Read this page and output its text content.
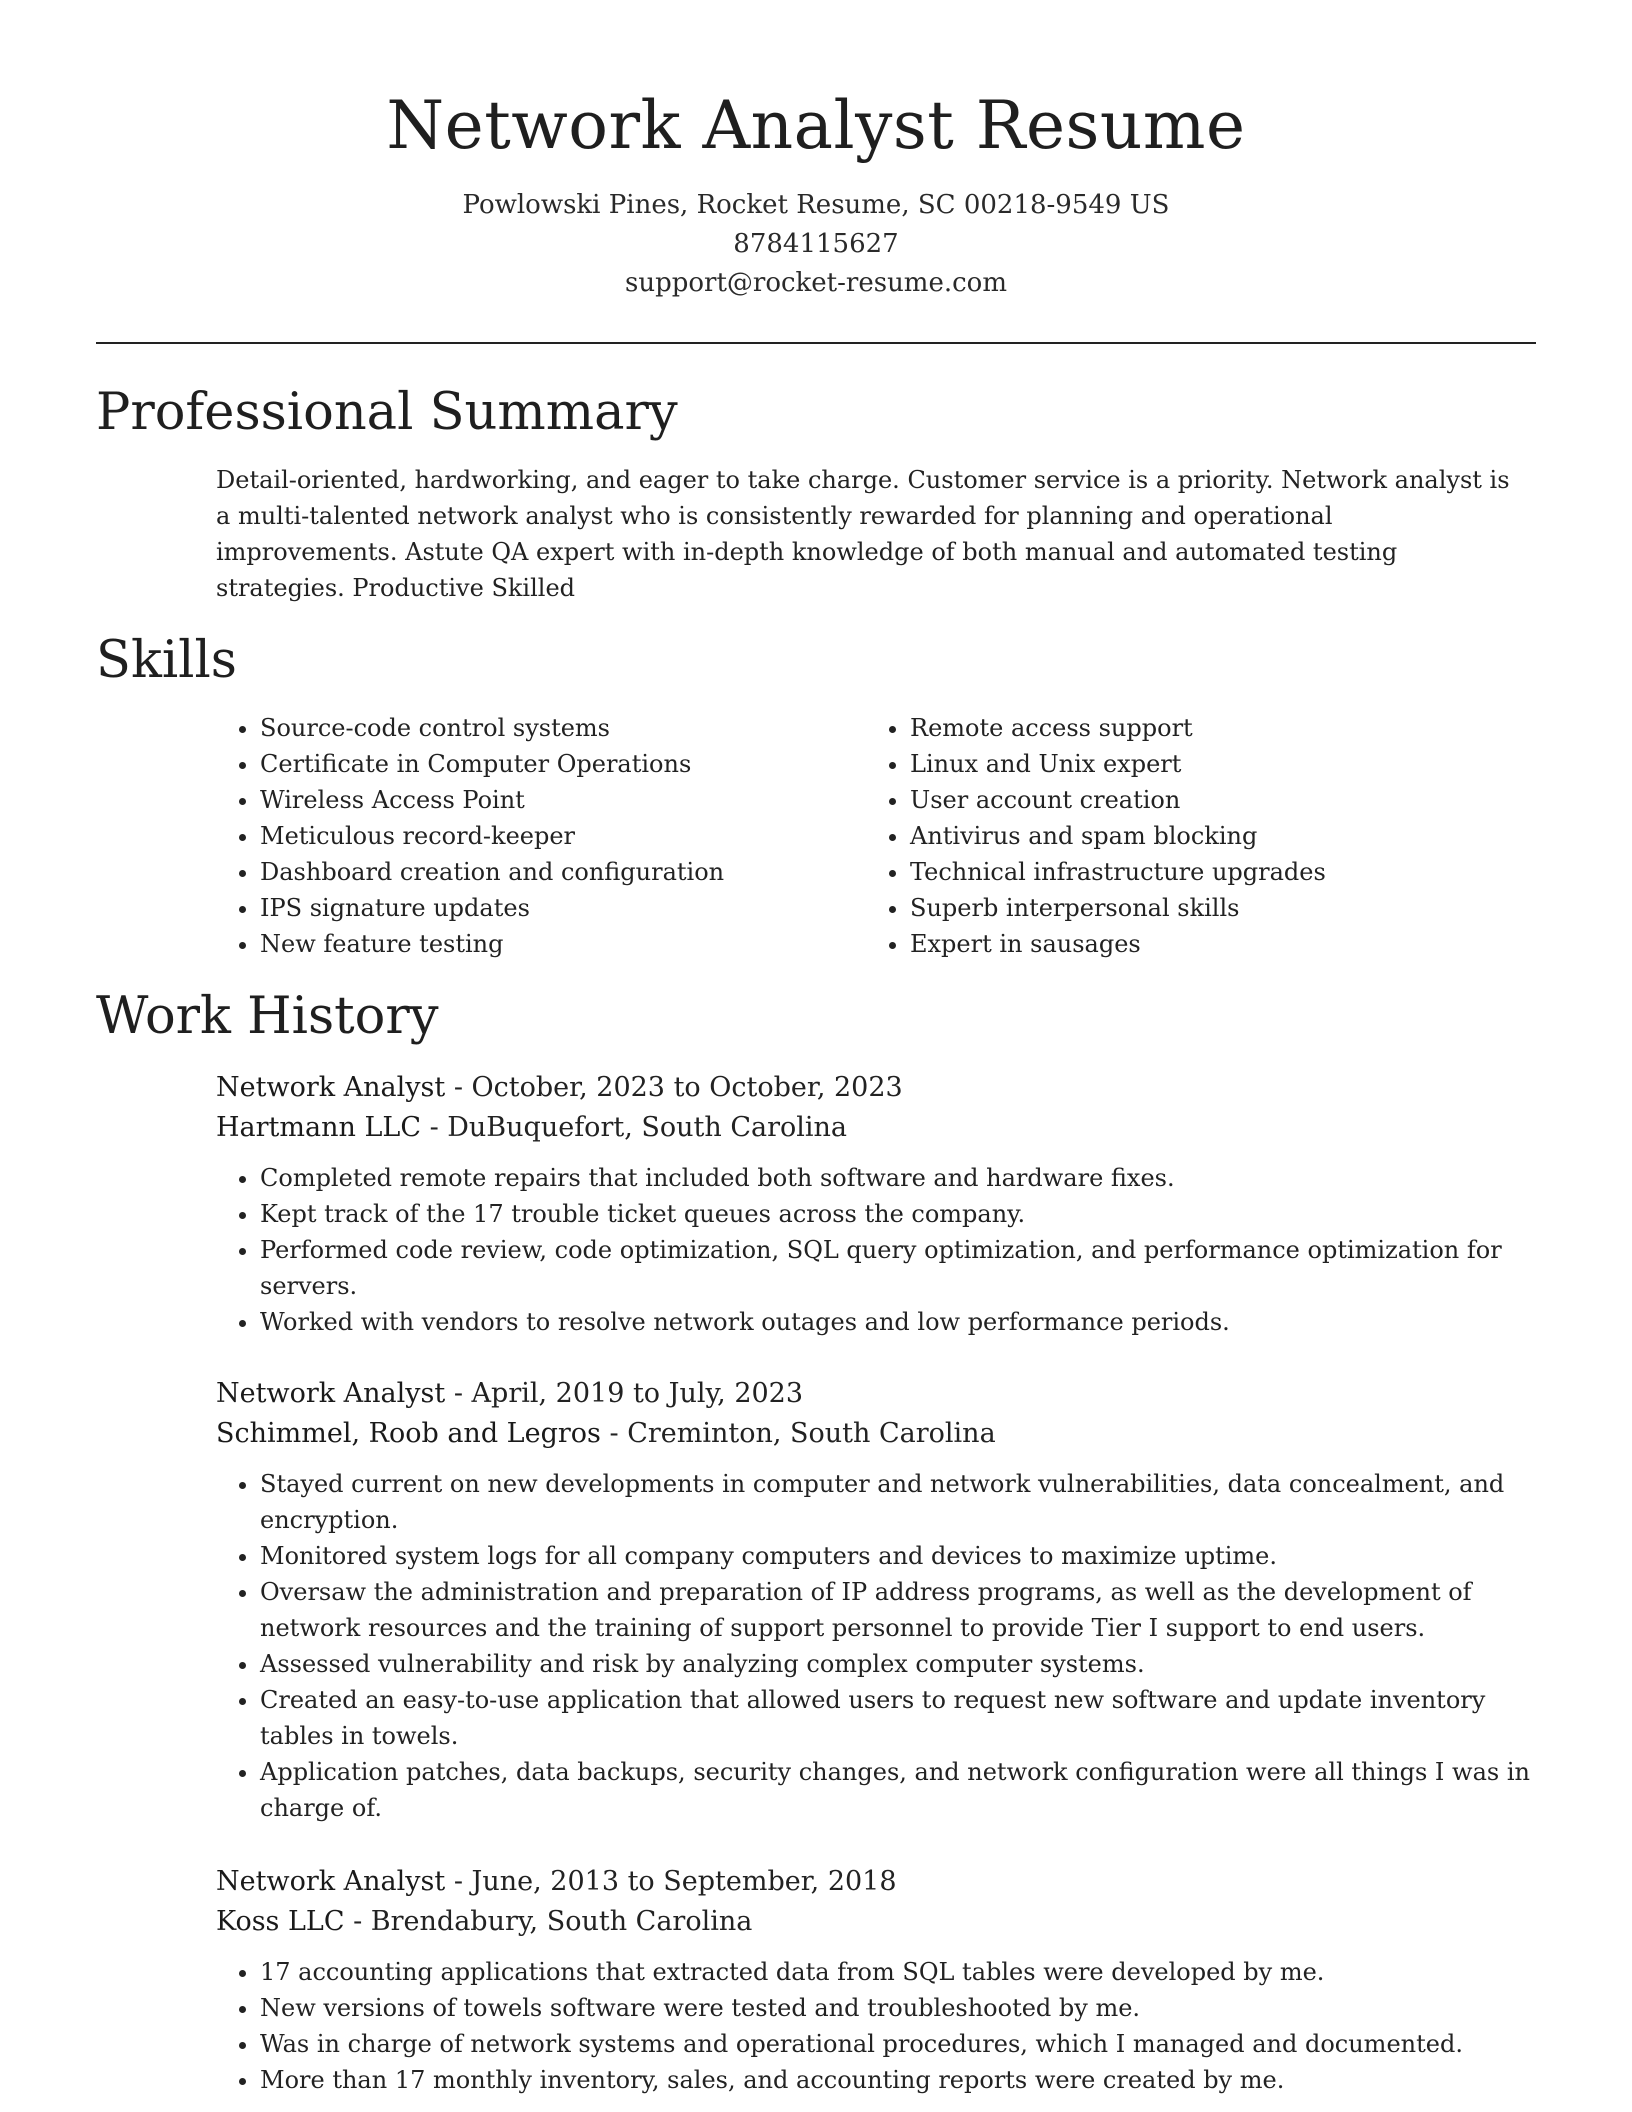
Network Analyst Resume
Powlowski Pines, Rocket Resume, SC 00218-9549 US
8784115627
support@rocket-resume.com
Professional Summary

Detail-oriented, hardworking, and eager to take charge. Customer service is a priority. Network analyst is a multi-talented network analyst who is consistently rewarded for planning and operational improvements. Astute QA expert with in-depth knowledge of both manual and automated testing strategies. Productive Skilled

Skills
• Source-code control systems
• Certificate in Computer Operations
• Wireless Access Point
• Meticulous record-keeper
• Dashboard creation and configuration
• IPS signature updates
• New feature testing
• Remote access support
• Linux and Unix expert
• User account creation
• Antivirus and spam blocking
• Technical infrastructure upgrades
• Superb interpersonal skills
• Expert in sausages
Work History

Network Analyst - October, 2023 to October, 2023

Hartmann LLC - DuBuquefort, South Carolina

• Completed remote repairs that included both software and hardware fixes.
• Kept track of the 17 trouble ticket queues across the company.
• Performed code review, code optimization, SQL query optimization, and performance optimization for servers.
• Worked with vendors to resolve network outages and low performance periods.

Network Analyst - April, 2019 to July, 2023

Schimmel, Roob and Legros - Creminton, South Carolina

• Stayed current on new developments in computer and network vulnerabilities, data concealment, and encryption.
• Monitored system logs for all company computers and devices to maximize uptime.
• Oversaw the administration and preparation of IP address programs, as well as the development of network resources and the training of support personnel to provide Tier I support to end users.
• Assessed vulnerability and risk by analyzing complex computer systems.
• Created an easy-to-use application that allowed users to request new software and update inventory tables in towels.
• Application patches, data backups, security changes, and network configuration were all things I was in charge of.

Network Analyst - June, 2013 to September, 2018

Koss LLC - Brendabury, South Carolina

• 17 accounting applications that extracted data from SQL tables were developed by me.
• New versions of towels software were tested and troubleshooted by me.
• Was in charge of network systems and operational procedures, which I managed and documented.
• More than 17 monthly inventory, sales, and accounting reports were created by me.
